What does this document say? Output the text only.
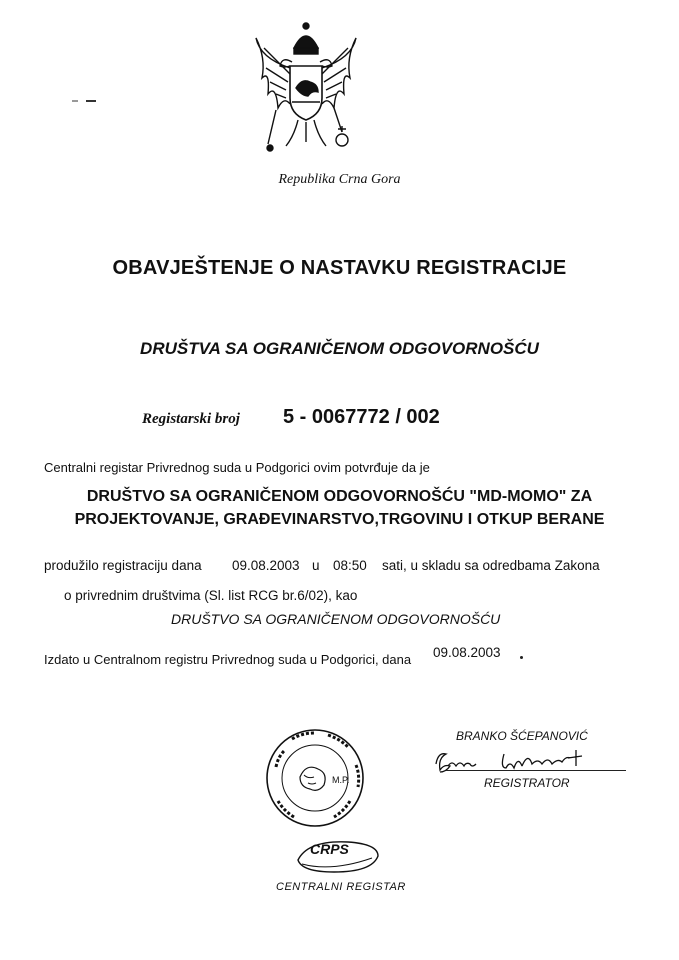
Republika Crna Gora
OBAVJEŠTENJE O NASTAVKU REGISTRACIJE
DRUŠTVA SA OGRANIČENOM ODGOVORNOŠĆU
Registarski broj 5 - 0067772 / 002
Centralni registar Privrednog suda u Podgorici ovim potvrđuje da je
DRUŠTVO SA OGRANIČENOM ODGOVORNOŠĆU "MD-MOMO" ZA
PROJEKTOVANJE, GRAĐEVINARSTVO,TRGOVINU I OTKUP BERANE
produžilo registraciju dana 09.08.2003 u 08:50 sati, u skladu sa odredbama Zakona
o privrednim društvima (Sl. list RCG br.6/02), kao
DRUŠTVO SA OGRANIČENOM ODGOVORNOŠĆU
Izdato u Centralnom registru Privrednog suda u Podgorici, dana 09.08.2003
BRANKO ŠĆEPANOVIĆ
REGISTRATOR
M.P.
CRPS
CENTRALNI REGISTAR
